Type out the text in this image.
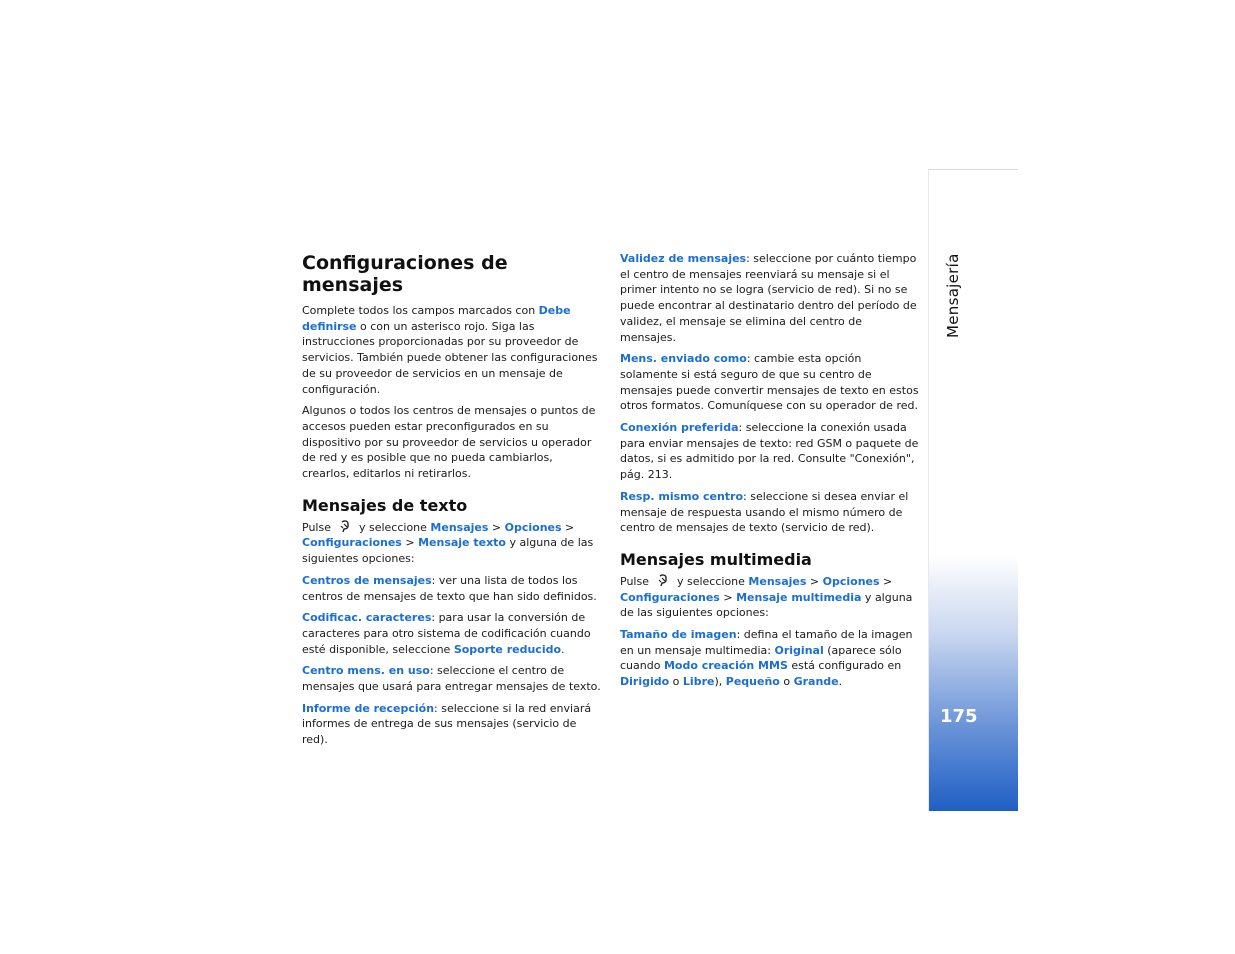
Mensajería
175
Configuraciones de mensajes

Complete todos los campos marcados con Debe definirse o con un asterisco rojo. Siga las instrucciones proporcionadas por su proveedor de servicios. También puede obtener las configuraciones de su proveedor de servicios en un mensaje de configuración.

Algunos o todos los centros de mensajes o puntos de accesos pueden estar preconfigurados en su dispositivo por su proveedor de servicios u operador de red y es posible que no pueda cambiarlos, crearlos, editarlos ni retirarlos.

Mensajes de texto

Pulse	y seleccione Mensajes > Opciones > Configuraciones > Mensaje texto y alguna de las siguientes opciones:

Centros de mensajes: ver una lista de todos los centros de mensajes de texto que han sido definidos.

Codificac. caracteres: para usar la conversión de caracteres para otro sistema de codificación cuando esté disponible, seleccione Soporte reducido.

Centro mens. en uso: seleccione el centro de mensajes que usará para entregar mensajes de texto.

Informe de recepción: seleccione si la red enviará informes de entrega de sus mensajes (servicio de red).

Validez de mensajes: seleccione por cuánto tiempo el centro de mensajes reenviará su mensaje si el primer intento no se logra (servicio de red). Si no se puede encontrar al destinatario dentro del período de validez, el mensaje se elimina del centro de mensajes.

Mens. enviado como: cambie esta opción solamente si está seguro de que su centro de mensajes puede convertir mensajes de texto en estos otros formatos. Comuníquese con su operador de red.

Conexión preferida: seleccione la conexión usada para enviar mensajes de texto: red GSM o paquete de datos, si es admitido por la red. Consulte "Conexión", pág. 213.

Resp. mismo centro: seleccione si desea enviar el mensaje de respuesta usando el mismo número de centro de mensajes de texto (servicio de red).

Mensajes multimedia

Pulse	y seleccione Mensajes > Opciones > Configuraciones > Mensaje multimedia y alguna de las siguientes opciones:

Tamaño de imagen: defina el tamaño de la imagen en un mensaje multimedia: Original (aparece sólo cuando Modo creación MMS está configurado en Dirigido o Libre), Pequeño o Grande.
